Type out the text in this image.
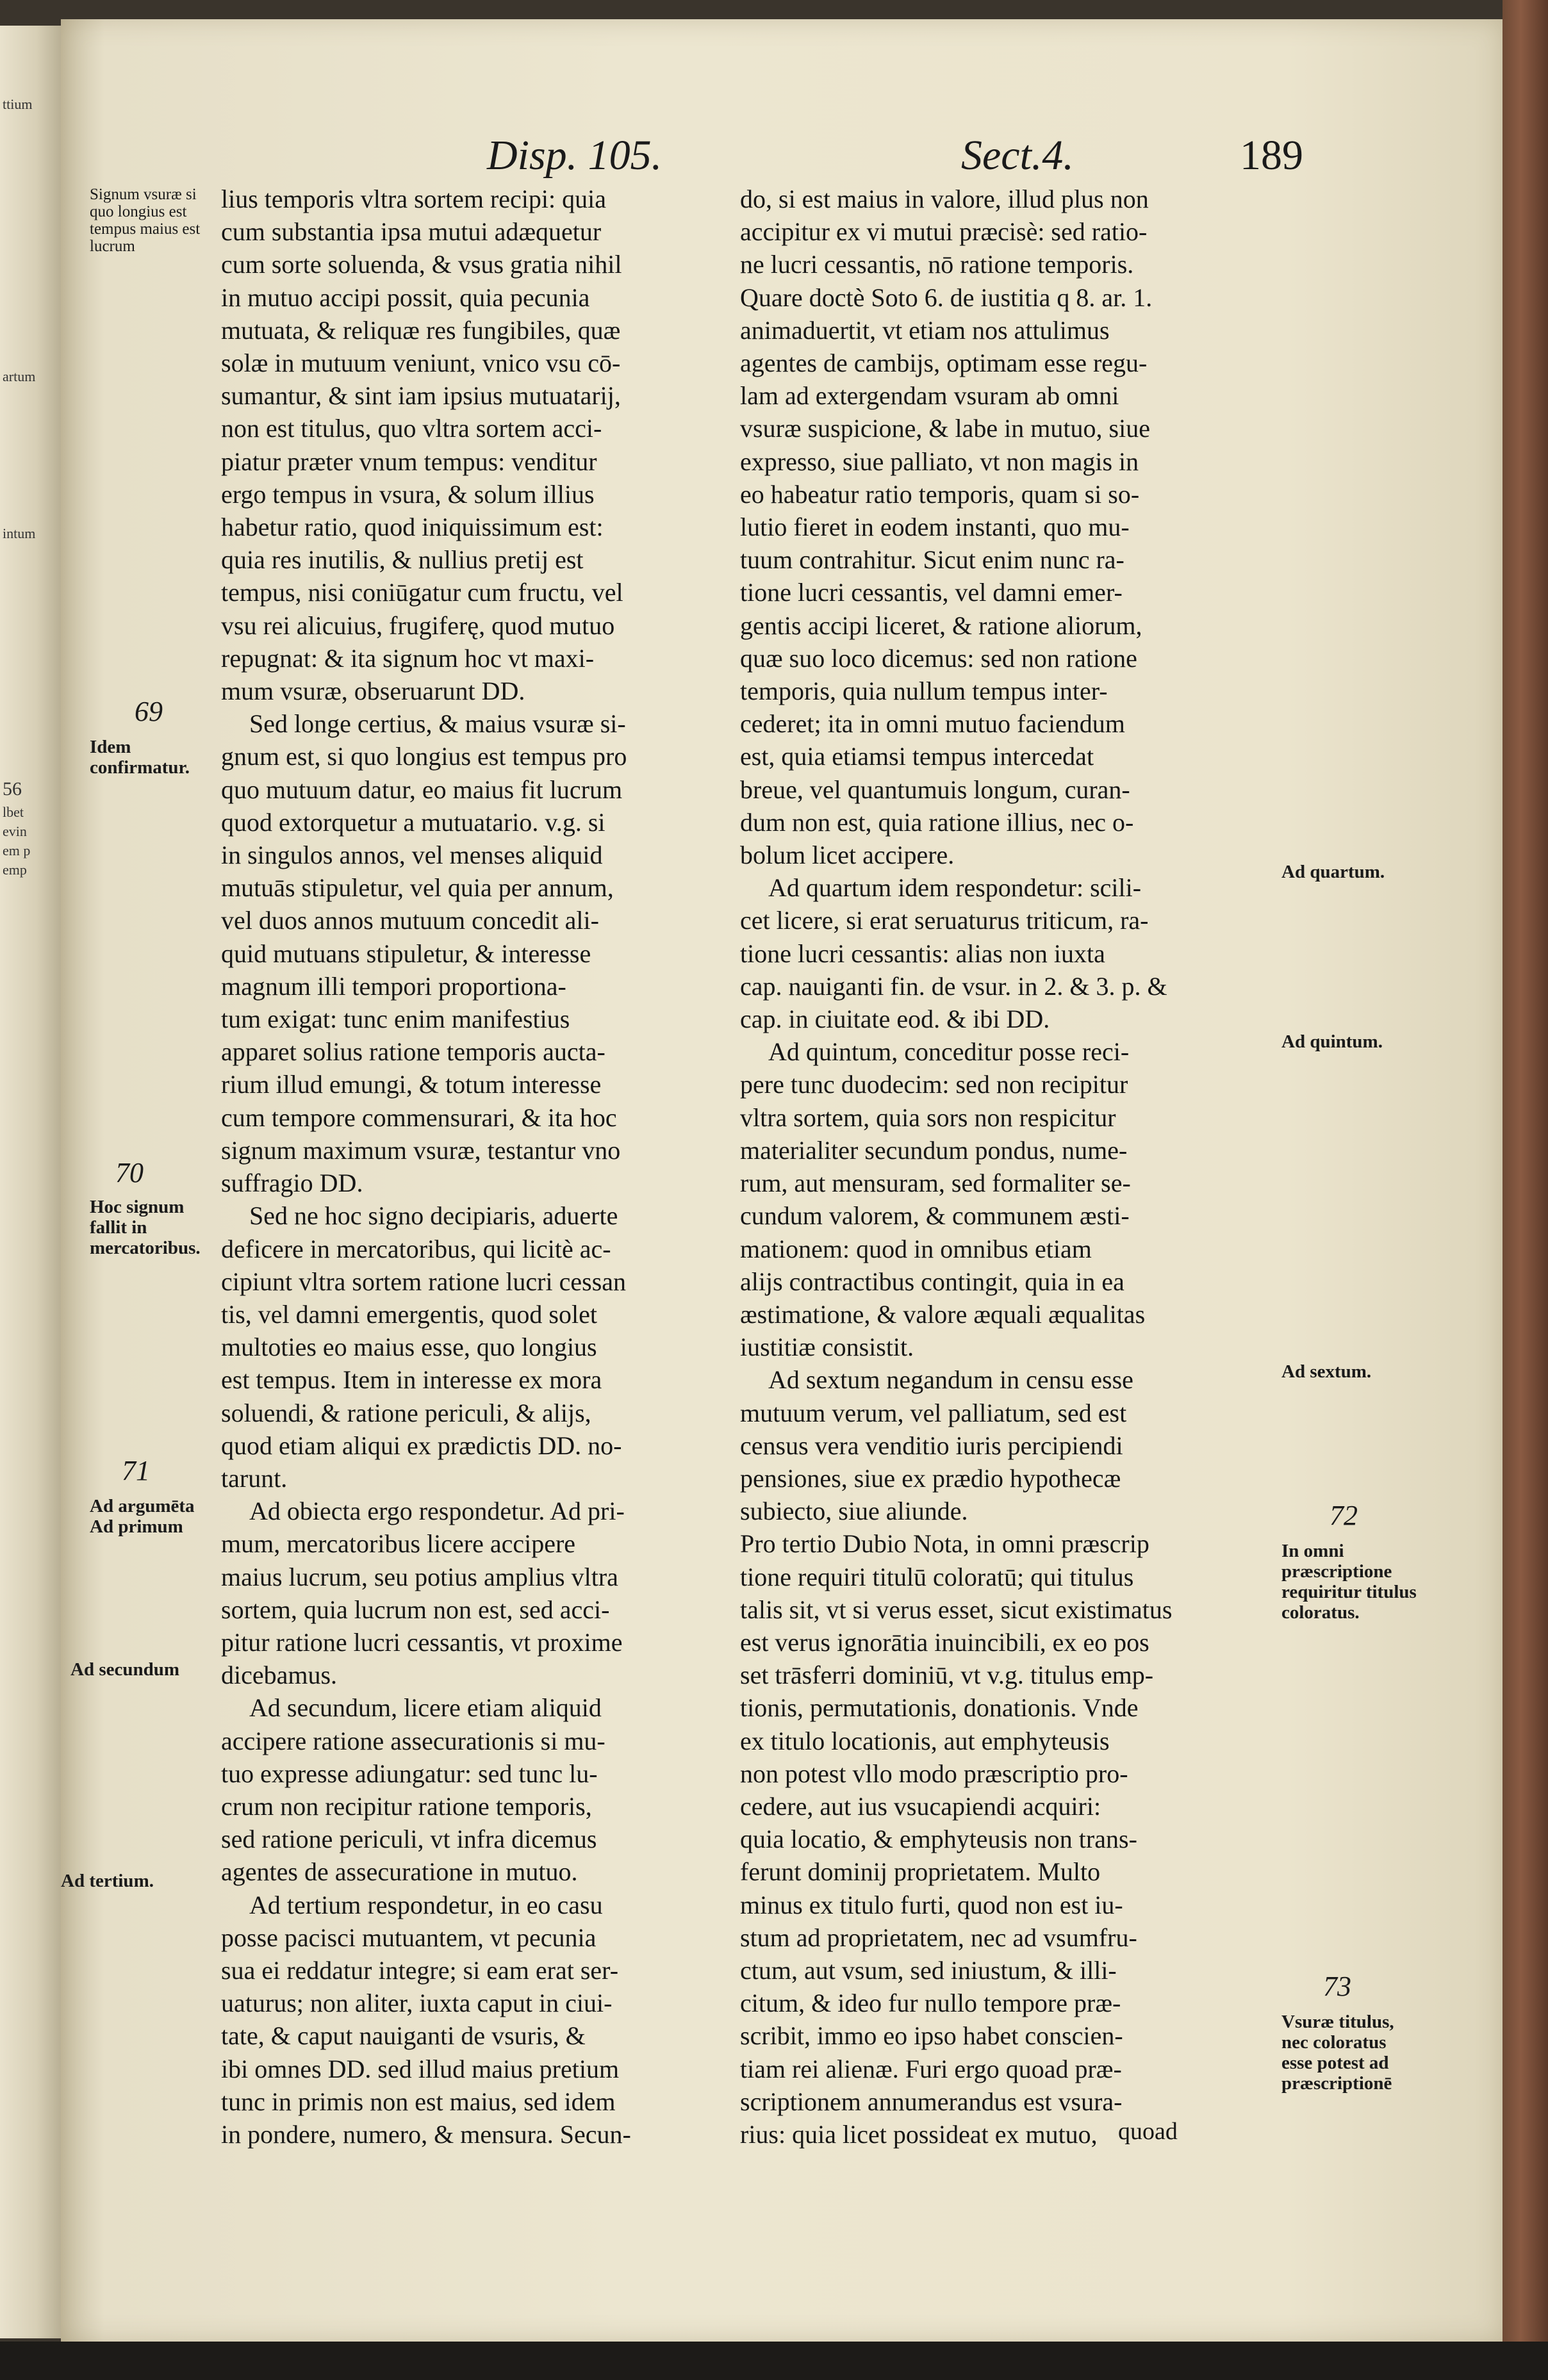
ttium
artum
intum
56
lbet
evin
em p
emp
Disp. 105.	Sect.4.	189

lius temporis vltra sortem recipi: quia

cum substantia ipsa mutui adæquetur

cum sorte soluenda, & vsus gratia nihil

in mutuo accipi possit, quia pecunia

mutuata, & reliquæ res fungibiles, quæ

solæ in mutuum veniunt, vnico vsu cō-

sumantur, & sint iam ipsius mutuatarij,

non est titulus, quo vltra sortem acci-

piatur præter vnum tempus: venditur

ergo tempus in vsura, & solum illius

habetur ratio, quod iniquissimum est:

quia res inutilis, & nullius pretij est

tempus, nisi coniūgatur cum fructu, vel

vsu rei alicuius, frugiferę, quod mutuo

repugnat: & ita signum hoc vt maxi-

mum vsuræ, obseruarunt DD.

Sed longe certius, & maius vsuræ si-

gnum est, si quo longius est tempus pro

quo mutuum datur, eo maius fit lucrum

quod extorquetur a mutuatario. v.g. si

in singulos annos, vel menses aliquid

mutuās stipuletur, vel quia per annum,

vel duos annos mutuum concedit ali-

quid mutuans stipuletur, & interesse

magnum illi tempori proportiona-

tum exigat: tunc enim manifestius

apparet solius ratione temporis aucta-

rium illud emungi, & totum interesse

cum tempore commensurari, & ita hoc

signum maximum vsuræ, testantur vno

suffragio DD.

Sed ne hoc signo decipiaris, aduerte

deficere in mercatoribus, qui licitè ac-

cipiunt vltra sortem ratione lucri cessan

tis, vel damni emergentis, quod solet

multoties eo maius esse, quo longius

est tempus. Item in interesse ex mora

soluendi, & ratione periculi, & alijs,

quod etiam aliqui ex prædictis DD. no-

tarunt.

Ad obiecta ergo respondetur. Ad pri-

mum, mercatoribus licere accipere

maius lucrum, seu potius amplius vltra

sortem, quia lucrum non est, sed acci-

pitur ratione lucri cessantis, vt proxime

dicebamus.

Ad secundum, licere etiam aliquid

accipere ratione assecurationis si mu-

tuo expresse adiungatur: sed tunc lu-

crum non recipitur ratione temporis,

sed ratione periculi, vt infra dicemus

agentes de assecuratione in mutuo.

Ad tertium respondetur, in eo casu

posse pacisci mutuantem, vt pecunia

sua ei reddatur integre; si eam erat ser-

uaturus; non aliter, iuxta caput in ciui-

tate, & caput nauiganti de vsuris, &

ibi omnes DD. sed illud maius pretium

tunc in primis non est maius, sed idem

in pondere, numero, & mensura. Secun-

do, si est maius in valore, illud plus non

accipitur ex vi mutui præcisè: sed ratio-

ne lucri cessantis, nō ratione temporis.

Quare doctè Soto 6. de iustitia q 8. ar. 1.

animaduertit, vt etiam nos attulimus

agentes de cambijs, optimam esse regu-

lam ad extergendam vsuram ab omni

vsuræ suspicione, & labe in mutuo, siue

expresso, siue palliato, vt non magis in

eo habeatur ratio temporis, quam si so-

lutio fieret in eodem instanti, quo mu-

tuum contrahitur. Sicut enim nunc ra-

tione lucri cessantis, vel damni emer-

gentis accipi liceret, & ratione aliorum,

quæ suo loco dicemus: sed non ratione

temporis, quia nullum tempus inter-

cederet; ita in omni mutuo faciendum

est, quia etiamsi tempus intercedat

breue, vel quantumuis longum, curan-

dum non est, quia ratione illius, nec o-

bolum licet accipere.

Ad quartum idem respondetur: scili-

cet licere, si erat seruaturus triticum, ra-

tione lucri cessantis: alias non iuxta

cap. nauiganti fin. de vsur. in 2. & 3. p. &

cap. in ciuitate eod. & ibi DD.

Ad quintum, conceditur posse reci-

pere tunc duodecim: sed non recipitur

vltra sortem, quia sors non respicitur

materialiter secundum pondus, nume-

rum, aut mensuram, sed formaliter se-

cundum valorem, & communem æsti-

mationem: quod in omnibus etiam

alijs contractibus contingit, quia in ea

æstimatione, & valore æquali æqualitas

iustitiæ consistit.

Ad sextum negandum in censu esse

mutuum verum, vel palliatum, sed est

census vera venditio iuris percipiendi

pensiones, siue ex prædio hypothecæ

subiecto, siue aliunde.

Pro tertio Dubio Nota, in omni præscrip

tione requiri titulū coloratū; qui titulus

talis sit, vt si verus esset, sicut existimatus

est verus ignorātia inuincibili, ex eo pos

set trāsferri dominiū, vt v.g. titulus emp-

tionis, permutationis, donationis. Vnde

ex titulo locationis, aut emphyteusis

non potest vllo modo præscriptio pro-

cedere, aut ius vsucapiendi acquiri:

quia locatio, & emphyteusis non trans-

ferunt dominij proprietatem. Multo

minus ex titulo furti, quod non est iu-

stum ad proprietatem, nec ad vsumfru-

ctum, aut vsum, sed iniustum, & illi-

citum, & ideo fur nullo tempore præ-

scribit, immo eo ipso habet conscien-

tiam rei alienæ. Furi ergo quoad præ-

scriptionem annumerandus est vsura-

rius: quia licet possideat ex mutuo,

Signum vsuræ si quo longius est tempus maius est lucrum
69
Idem confirmatur.
70
Hoc signum fallit in mercatoribus.
71
Ad argumēta Ad primum
Ad secundum
Ad tertium.
Ad quartum.
Ad quintum.
Ad sextum.
72
In omni præscriptione requiritur titulus coloratus.
73
Vsuræ titulus, nec coloratus esse potest ad præscriptionē
quoad
